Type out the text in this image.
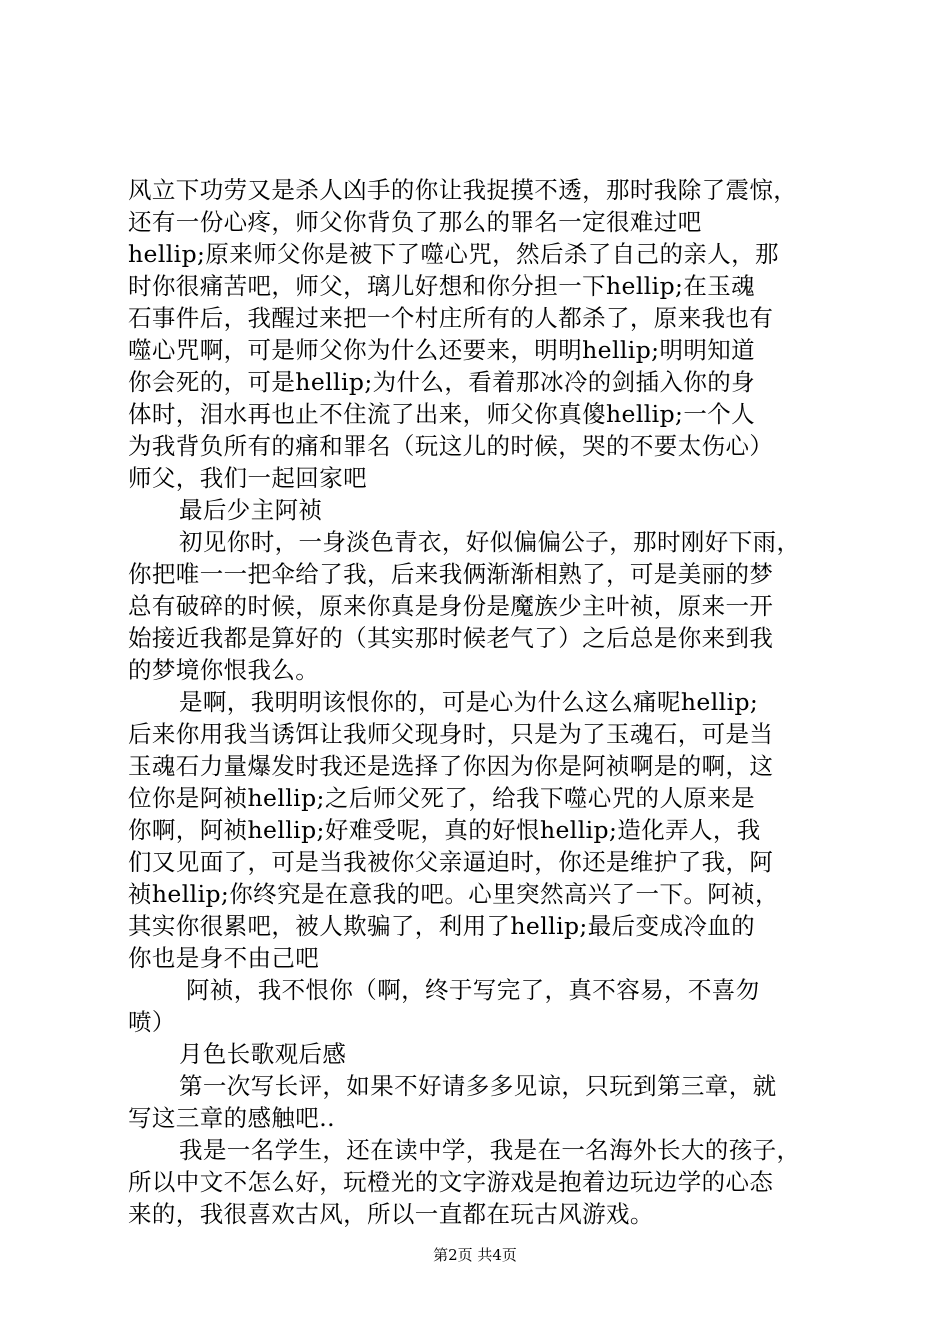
风立下功劳又是杀人凶手的你让我捉摸不透，那时我除了震惊，

还有一份心疼，师父你背负了那么的罪名一定很难过吧

hellip;原来师父你是被下了噬心咒，然后杀了自己的亲人，那

时你很痛苦吧，师父，璃儿好想和你分担一下hellip;在玉魂

石事件后，我醒过来把一个村庄所有的人都杀了，原来我也有

噬心咒啊，可是师父你为什么还要来，明明hellip;明明知道

你会死的，可是hellip;为什么，看着那冰冷的剑插入你的身

体时，泪水再也止不住流了出来，师父你真傻hellip;一个人

为我背负所有的痛和罪名（玩这儿的时候，哭的不要太伤心）

师父，我们一起回家吧

最后少主阿祯

初见你时，一身淡色青衣，好似偏偏公子，那时刚好下雨，

你把唯一一把伞给了我，后来我俩渐渐相熟了，可是美丽的梦

总有破碎的时候，原来你真是身份是魔族少主叶祯，原来一开

始接近我都是算好的（其实那时候老气了）之后总是你来到我

的梦境你恨我么。

是啊，我明明该恨你的，可是心为什么这么痛呢hellip;

后来你用我当诱饵让我师父现身时，只是为了玉魂石，可是当

玉魂石力量爆发时我还是选择了你因为你是阿祯啊是的啊，这

位你是阿祯hellip;之后师父死了，给我下噬心咒的人原来是

你啊，阿祯hellip;好难受呢，真的好恨hellip;造化弄人，我

们又见面了，可是当我被你父亲逼迫时，你还是维护了我，阿

祯hellip;你终究是在意我的吧。心里突然高兴了一下。阿祯，

其实你很累吧，被人欺骗了，利用了hellip;最后变成冷血的

你也是身不由己吧

阿祯，我不恨你（啊，终于写完了，真不容易，不喜勿

喷）

月色长歌观后感

第一次写长评，如果不好请多多见谅，只玩到第三章，就

写这三章的感触吧..

我是一名学生，还在读中学，我是在一名海外长大的孩子，

所以中文不怎么好，玩橙光的文字游戏是抱着边玩边学的心态

来的，我很喜欢古风，所以一直都在玩古风游戏。

第2页 共4页
